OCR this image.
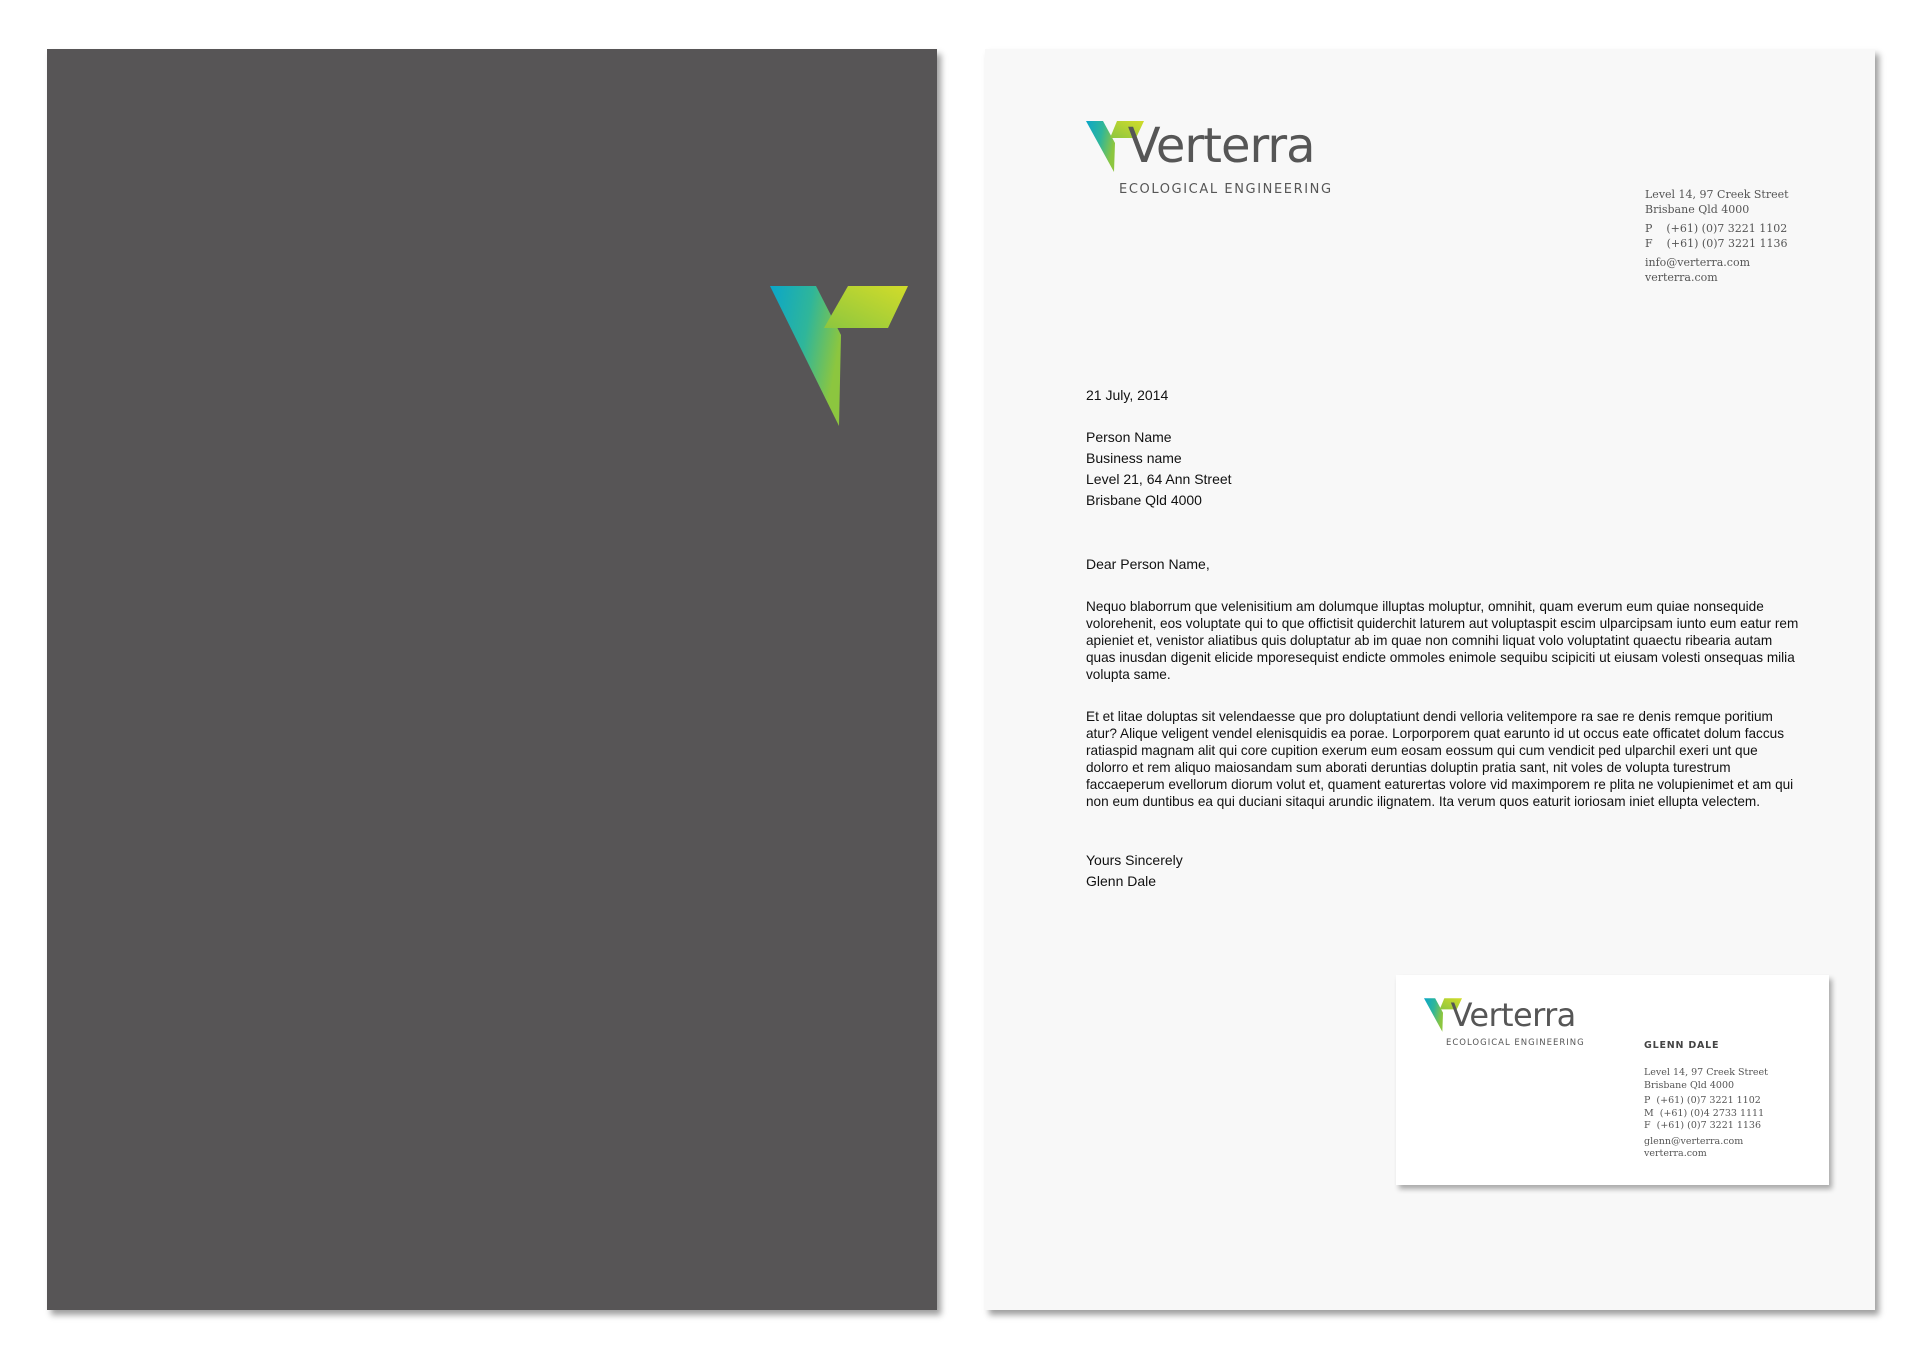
 Verterra
ECOLOGICAL ENGINEERING	Level 14, 97 Creek Street
Brisbane Qld 4000
P    (+61) (0)7 3221 1102
F    (+61) (0)7 3221 1136
info@verterra.com
verterra.com
21 July, 2014
Person Name
Business name
Level 21, 64 Ann Street
Brisbane Qld 4000
Dear Person Name,

Nequo blaborrum que velenisitium am dolumque illuptas moluptur, omnihit, quam everum eum quiae nonsequide volorehenit, eos voluptate qui to que offictisit quiderchit laturem aut voluptaspit escim ulparcipsam iunto eum eatur rem apieniet et, venistor aliatibus quis doluptatur ab im quae non comnihi liquat volo voluptatint quaectu ribearia autam quas inusdan digenit elicide mporesequist endicte ommoles enimole sequibu scipiciti ut eiusam volesti onsequas milia volupta same.

Et et litae doluptas sit velendaesse que pro doluptatiunt dendi velloria velitempore ra sae re denis remque poritium atur? Alique veligent vendel elenisquidis ea porae. Lorporporem quat earunto id ut occus eate officatet dolum faccus ratiaspid magnam alit qui core cupition exerum eum eosam eossum qui cum vendicit ped ulparchil exeri unt que dolorro et rem aliquo maiosandam sum aborati deruntias doluptin pratia sant, nit voles de volupta turestrum faccaeperum evellorum diorum volut et, quament eaturertas volore vid maximporem re plita ne volupienimet et am qui non eum duntibus ea qui duciani sitaqui arundic ilignatem. Ita verum quos eaturit ioriosam iniet ellupta velectem.

Yours Sincerely
Glenn Dale
 Verterra
ECOLOGICAL ENGINEERING	GLENN DALE
Level 14, 97 Creek Street
Brisbane Qld 4000
P  (+61) (0)7 3221 1102
M  (+61) (0)4 2733 1111
F  (+61) (0)7 3221 1136
glenn@verterra.com
verterra.com
